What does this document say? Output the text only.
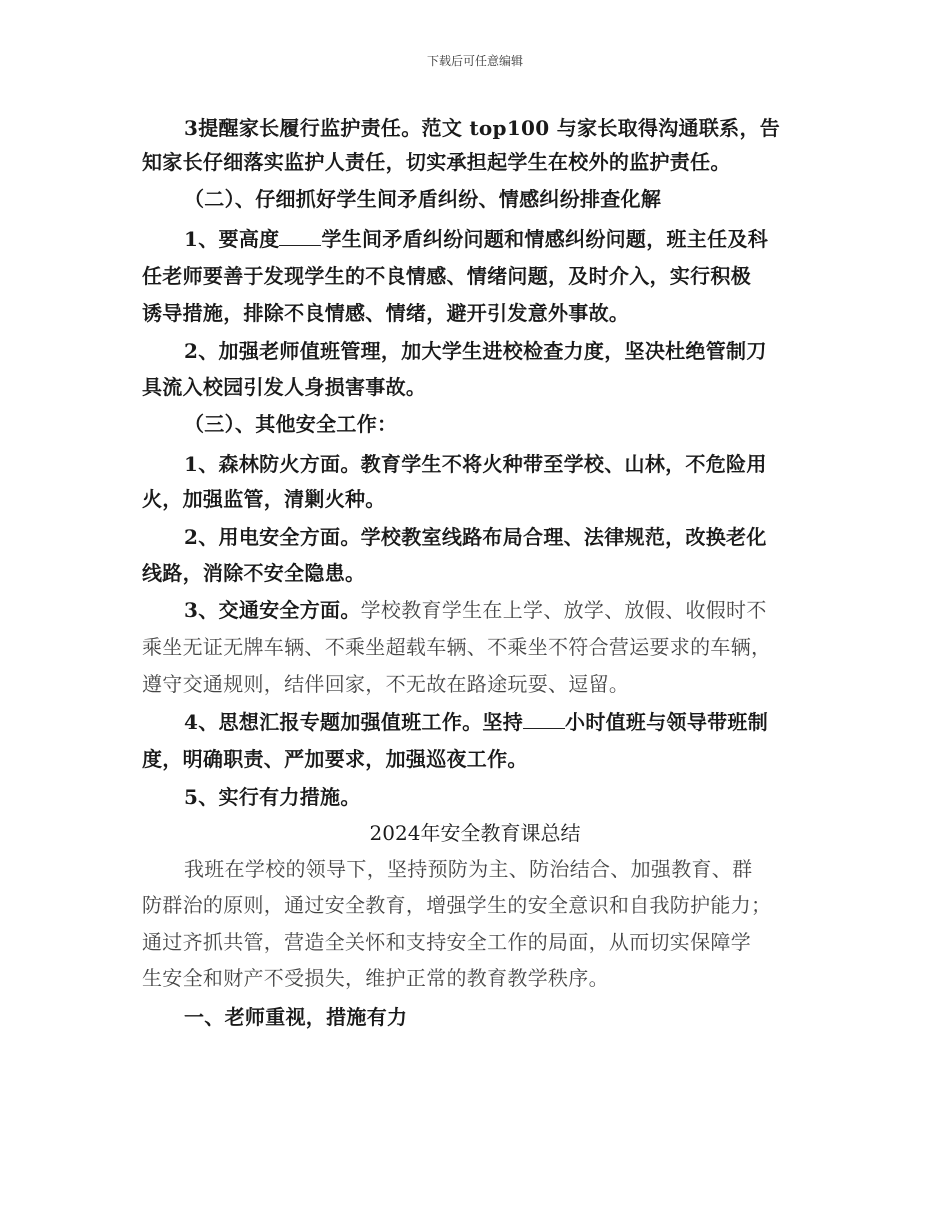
下载后可任意编辑
3提醒家长履行监护责任。范文 top100 与家长取得沟通联系，告
知家长仔细落实监护人责任，切实承担起学生在校外的监护责任。
（二）、仔细抓好学生间矛盾纠纷、情感纠纷排查化解
1、要高度 学生间矛盾纠纷问题和情感纠纷问题，班主任及科
任老师要善于发现学生的不良情感、情绪问题，及时介入，实行积极
诱导措施，排除不良情感、情绪，避开引发意外事故。
2、加强老师值班管理，加大学生进校检查力度，坚决杜绝管制刀
具流入校园引发人身损害事故。
（三）、其他安全工作：
1、森林防火方面。教育学生不将火种带至学校、山林，不危险用
火，加强监管，清剿火种。
2、用电安全方面。学校教室线路布局合理、法律规范，改换老化
线路，消除不安全隐患。
3、交通安全方面。学校教育学生在上学、放学、放假、收假时不
乘坐无证无牌车辆、不乘坐超载车辆、不乘坐不符合营运要求的车辆，
遵守交通规则，结伴回家，不无故在路途玩耍、逗留。
4、思想汇报专题加强值班工作。坚持 小时值班与领导带班制
度，明确职责、严加要求，加强巡夜工作。
5、实行有力措施。
2024年安全教育课总结
我班在学校的领导下，坚持预防为主、防治结合、加强教育、群
防群治的原则，通过安全教育，增强学生的安全意识和自我防护能力；
通过齐抓共管，营造全关怀和支持安全工作的局面，从而切实保障学
生安全和财产不受损失，维护正常的教育教学秩序。
一、老师重视，措施有力
